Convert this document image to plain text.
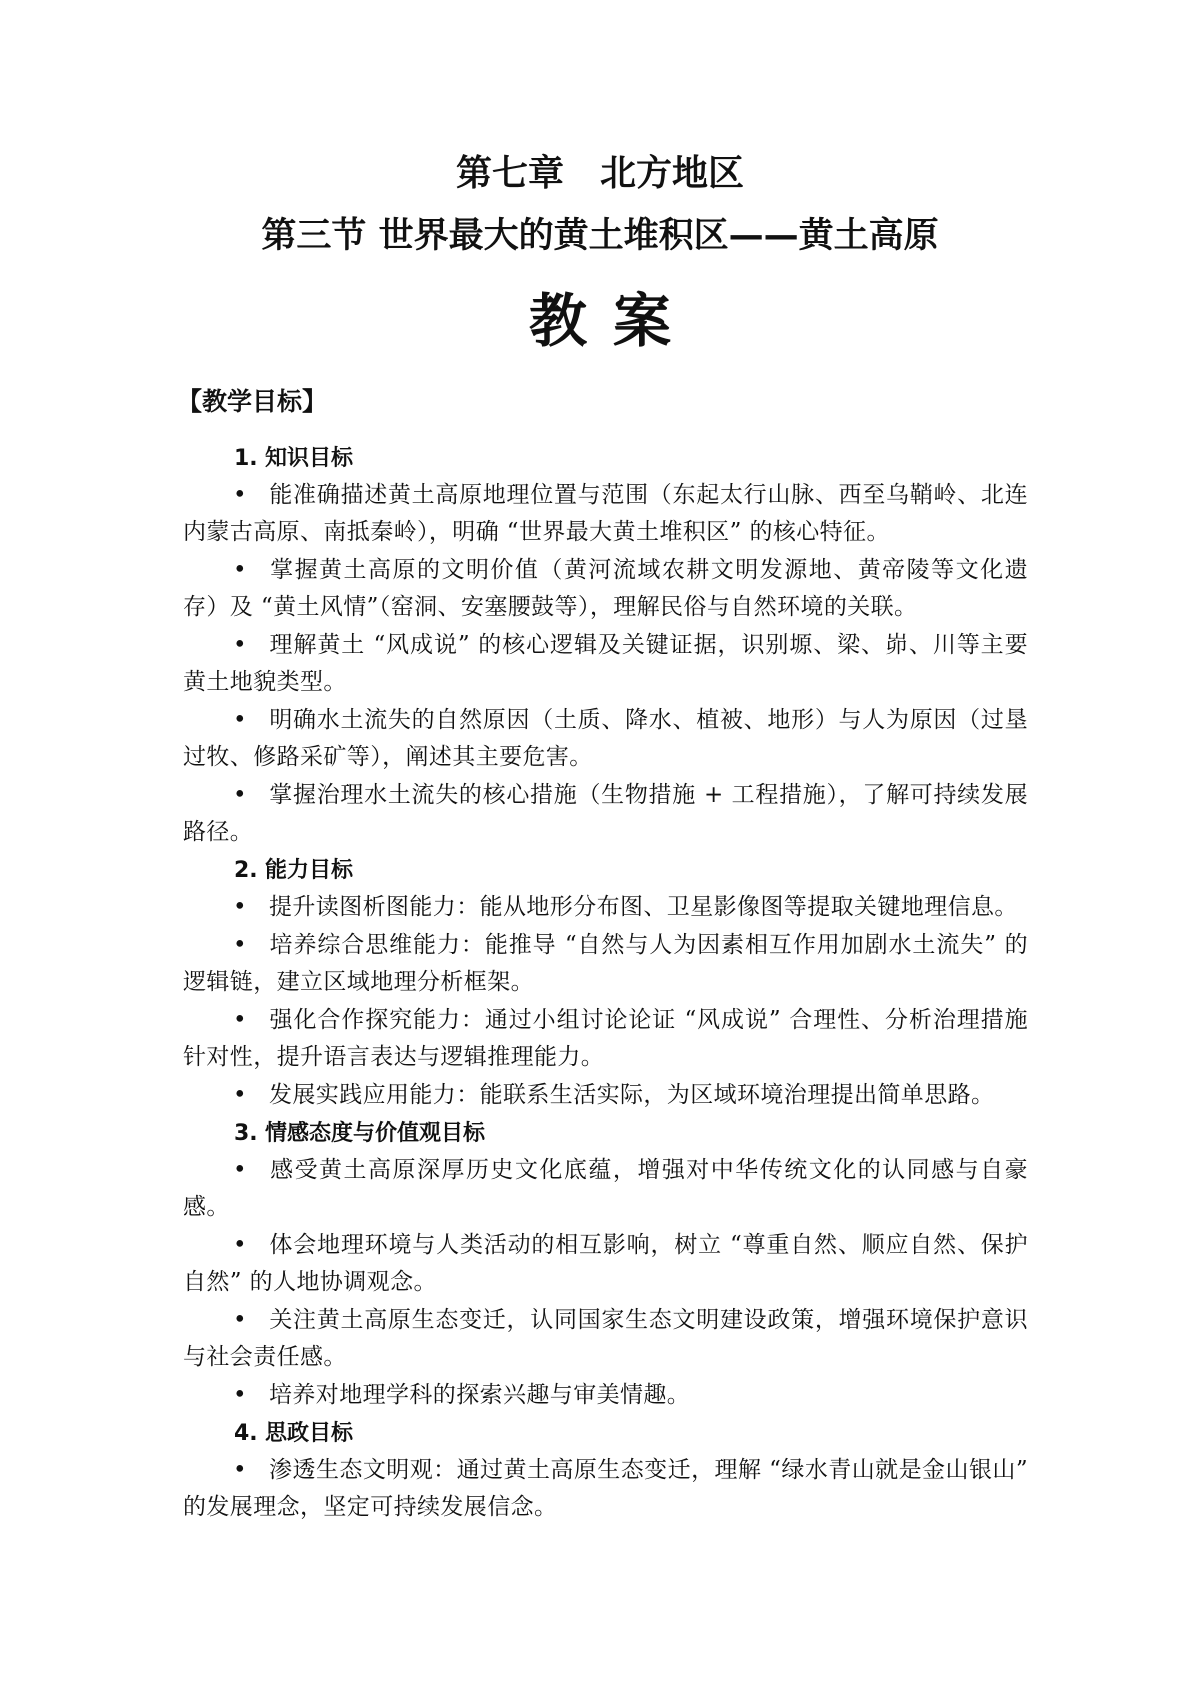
第七章　北方地区
第三节 世界最大的黄土堆积区——黄土高原
教案
【教学目标】
1. 知识目标
• 能准确描述黄土高原地理位置与范围（东起太行山脉、西至乌鞘岭、北连内蒙古高原、南抵秦岭），明确 “世界最大黄土堆积区” 的核心特征。
• 掌握黄土高原的文明价值（黄河流域农耕文明发源地、黄帝陵等文化遗存）及 “黄土风情”（窑洞、安塞腰鼓等），理解民俗与自然环境的关联。
• 理解黄土 “风成说” 的核心逻辑及关键证据，识别塬、梁、峁、川等主要黄土地貌类型。
• 明确水土流失的自然原因（土质、降水、植被、地形）与人为原因（过垦过牧、修路采矿等），阐述其主要危害。
• 掌握治理水土流失的核心措施（生物措施 + 工程措施），了解可持续发展路径。
2. 能力目标
• 提升读图析图能力：能从地形分布图、卫星影像图等提取关键地理信息。
• 培养综合思维能力：能推导 “自然与人为因素相互作用加剧水土流失” 的逻辑链，建立区域地理分析框架。
• 强化合作探究能力：通过小组讨论论证 “风成说” 合理性、分析治理措施针对性，提升语言表达与逻辑推理能力。
• 发展实践应用能力：能联系生活实际，为区域环境治理提出简单思路。
3. 情感态度与价值观目标
• 感受黄土高原深厚历史文化底蕴，增强对中华传统文化的认同感与自豪感。
• 体会地理环境与人类活动的相互影响，树立 “尊重自然、顺应自然、保护自然” 的人地协调观念。
• 关注黄土高原生态变迁，认同国家生态文明建设政策，增强环境保护意识与社会责任感。
• 培养对地理学科的探索兴趣与审美情趣。
4. 思政目标
• 渗透生态文明观：通过黄土高原生态变迁，理解 “绿水青山就是金山银山” 的发展理念，坚定可持续发展信念。
